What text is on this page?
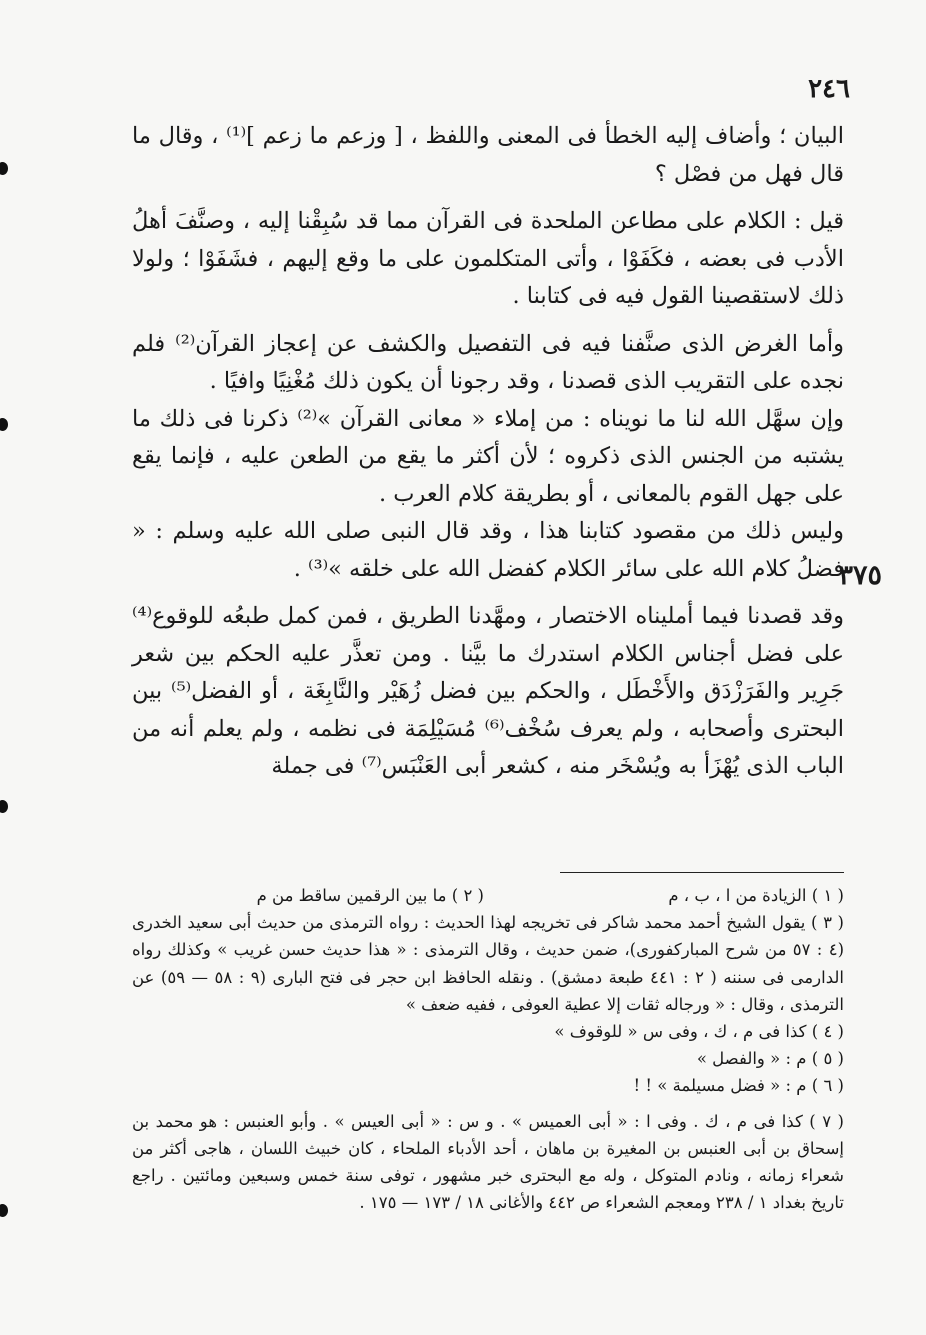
٢٤٦

البيان ؛ وأضاف إليه الخطأ فى المعنى واللفظ ، [ وزعم ما زعم ]⁽¹⁾ ، وقال ما قال فهل من فصْل ؟

قيل : الكلام على مطاعن الملحدة فى القرآن مما قد سُبِقْنا إليه ، وصنَّفَ أهلُ الأدب فى بعضه ، فكَفَوْا ، وأتى المتكلمون على ما وقع إليهم ، فشَفَوْا ؛ ولولا ذلك لاستقصينا القول فيه فى كتابنا .

وأما الغرض الذى صنَّفنا فيه فى التفصيل والكشف عن إعجاز القرآن⁽²⁾ فلم نجده على التقريب الذى قصدنا ، وقد رجونا أن يكون ذلك مُغْنِيًا وافيًا .

وإن سهَّل الله لنا ما نويناه : من إملاء « معانى القرآن »⁽²⁾ ذكرنا فى ذلك ما يشتبه من الجنس الذى ذكروه ؛ لأن أكثر ما يقع من الطعن عليه ، فإنما يقع على جهل القوم بالمعانى ، أو بطريقة كلام العرب .

وليس ذلك من مقصود كتابنا هذا ، وقد قال النبى صلى الله عليه وسلم : « فضلُ كلام الله على سائر الكلام كفضل الله على خلقه »⁽³⁾ .

وقد قصدنا فيما أمليناه الاختصار ، ومهَّدنا الطريق ، فمن كمل طبعُه للوقوع⁽⁴⁾ على فضل أجناس الكلام استدرك ما بيَّنا . ومن تعذَّر عليه الحكم بين شعر جَرِير والفَرَزْدَق والأَخْطَل ، والحكم بين فضل زُهَيْر والنَّابِغَة ، أو الفضل⁽⁵⁾ بين البحترى وأصحابه ، ولم يعرف سُخْف⁽⁶⁾ مُسَيْلِمَة فى نظمه ، ولم يعلم أنه من الباب الذى يُهْزَأ به ويُسْخَر منه ، كشعر أبى العَنْبَس⁽⁷⁾ فى جملة

٣٧٥
( ١ ) الزيادة من ا ، ب ، م
( ٢ ) ما بين الرقمين ساقط من م

( ٣ ) يقول الشيخ أحمد محمد شاكر فى تخريجه لهذا الحديث : رواه الترمذى من حديث أبى سعيد الخدرى (٤ : ٥٧ من شرح المباركفورى)، ضمن حديث ، وقال الترمذى : « هذا حديث حسن غريب » وكذلك رواه الدارمى فى سننه ( ٢ : ٤٤١ طبعة دمشق) . ونقله الحافظ ابن حجر فى فتح البارى (٩ : ٥٨ — ٥٩) عن الترمذى ، وقال : « ورجاله ثقات إلا عطية العوفى ، ففيه ضعف »

( ٤ ) كذا فى م ، ك ، وفى س « للوقوف »

( ٥ ) م : « والفصل »

( ٦ ) م : « فضل مسيلمة » ! !

( ٧ ) كذا فى م ، ك . وفى ا : « أبى العميس » . و س : « أبى العيس » . وأبو العنبس : هو محمد بن إسحاق بن أبى العنبس بن المغيرة بن ماهان ، أحد الأدباء الملحاء ، كان خبيث اللسان ، هاجى أكثر من شعراء زمانه ، ونادم المتوكل ، وله مع البحترى خبر مشهور ، توفى سنة خمس وسبعين ومائتين . راجع تاريخ بغداد ١ / ٢٣٨ ومعجم الشعراء ص ٤٤٢ والأغانى ١٨ / ١٧٣ — ١٧٥ .
